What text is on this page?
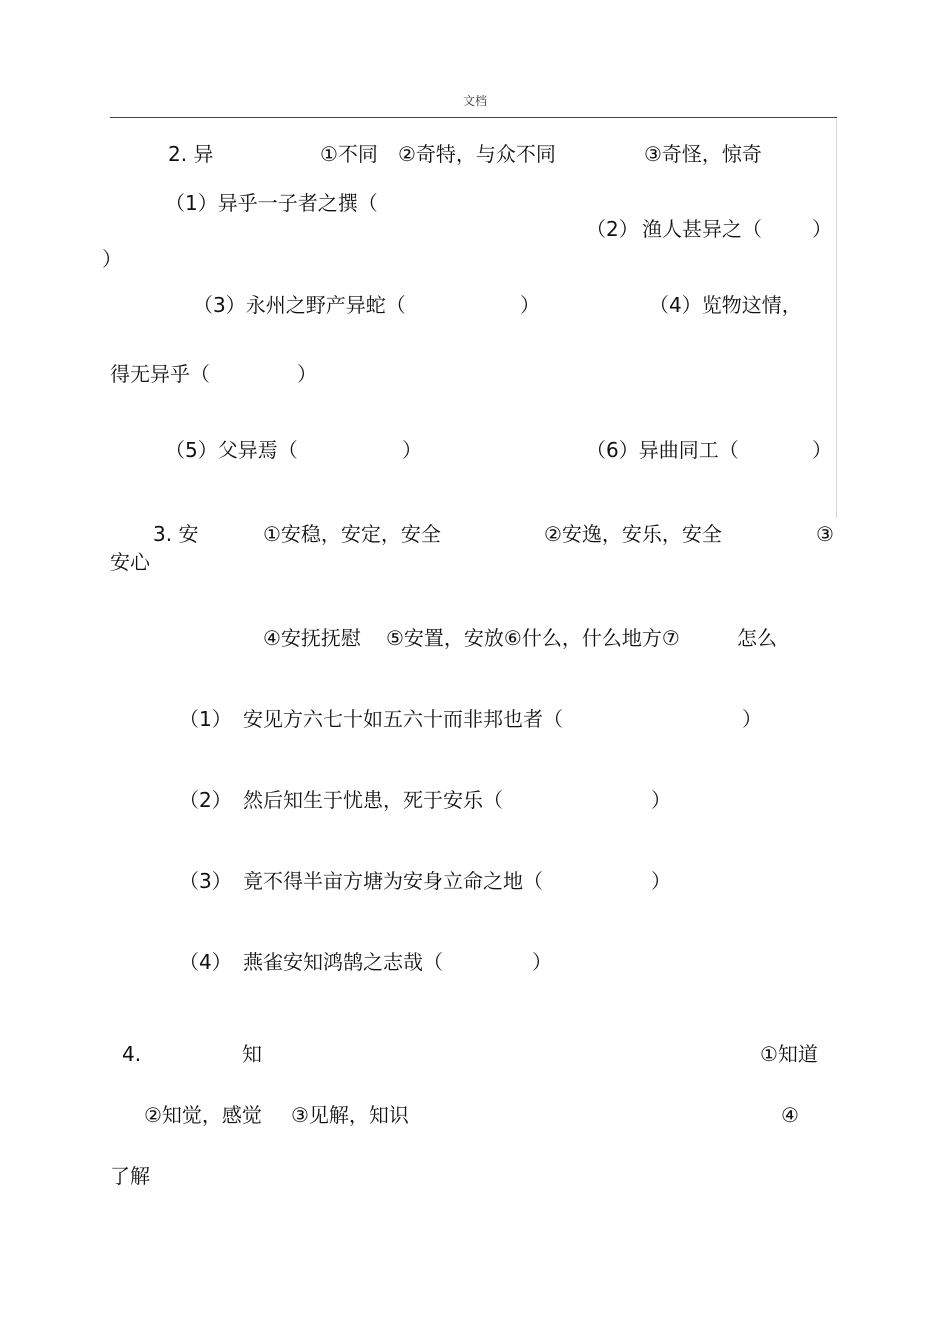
文档
2. 异	①不同 ②奇特，与众不同	③奇怪，惊奇
（1）异乎一子者之撰（
（2） 渔人甚异之（	）
）
（3）永州之野产异蛇（	）	（4）览物这情，
得无异乎（	）
（5）父异焉（	）	（6）异曲同工（	）
3. 安	①安稳，安定，安全	②安逸，安乐，安全	③
安心
④安抚抚慰 ⑤安置，安放⑥什么，什么地方⑦	怎么
（1） 安见方六七十如五六十而非邦也者（	）
（2） 然后知生于忧患，死于安乐（	）
（3） 竟不得半亩方塘为安身立命之地（	）
（4） 燕雀安知鸿鹄之志哉（	）
4.	知	①知道
②知觉，感觉 ③见解，知识	④
了解
